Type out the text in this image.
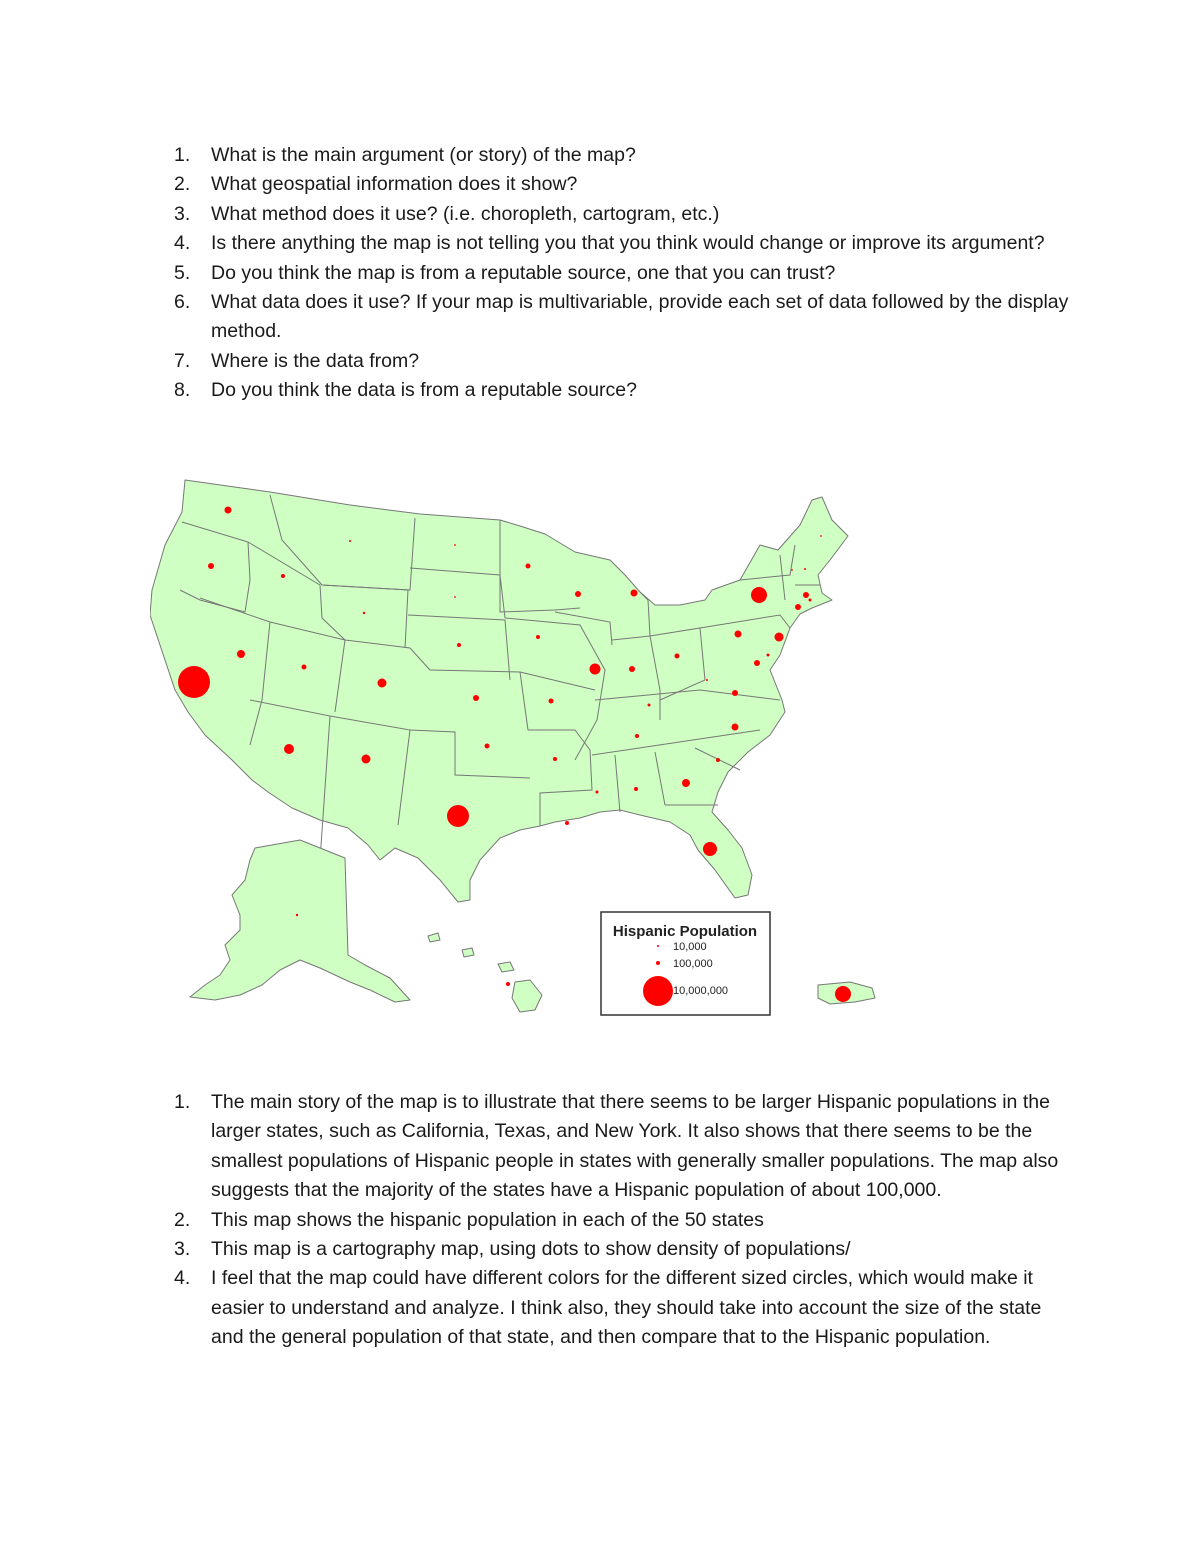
1. What is the main argument (or story) of the map?
2. What geospatial information does it show?
3. What method does it use? (i.e. choropleth, cartogram, etc.)
4. Is there anything the map is not telling you that you think would change or improve its argument?
5. Do you think the map is from a reputable source, one that you can trust?
6. What data does it use? If your map is multivariable, provide each set of data followed by the display method.
7. Where is the data from?
8. Do you think the data is from a reputable source?
Hispanic Population
10,000
100,000
10,000,000
1. The main story of the map is to illustrate that there seems to be larger Hispanic populations in the larger states, such as California, Texas, and New York. It also shows that there seems to be the smallest populations of Hispanic people in states with generally smaller populations. The map also suggests that the majority of the states have a Hispanic population of about 100,000.
2. This map shows the hispanic population in each of the 50 states
3. This map is a cartography map, using dots to show density of populations/
4. I feel that the map could have different colors for the different sized circles, which would make it easier to understand and analyze. I think also, they should take into account the size of the state and the general population of that state, and then compare that to the Hispanic population.
